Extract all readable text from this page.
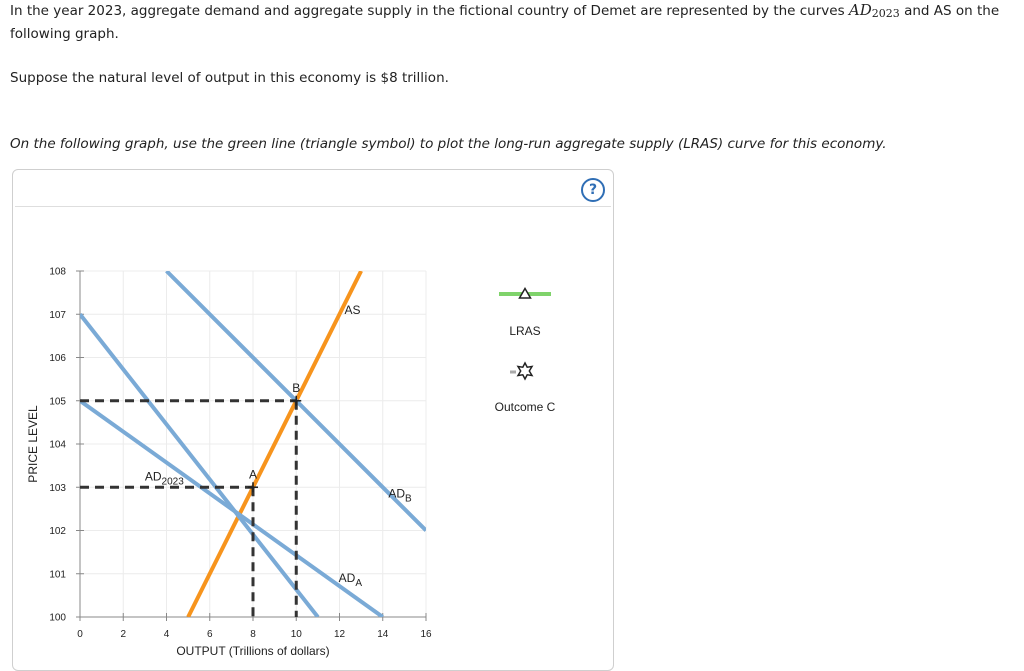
In the year 2023, aggregate demand and aggregate supply in the fictional country of Demet are represented by the curves $AD_{2023}$ and AS on the following graph.

Suppose the natural level of output in this economy is $8 trillion.

On the following graph, use the green line (triangle symbol) to plot the long-run aggregate supply (LRAS) curve for this economy.

?
0	2	4	6	8	10	12	14	16
100
101
102
103
104
105
106
107
108
PRICE LEVEL
OUTPUT (Trillions of dollars)
A
B
AS
$AD_{2023}$
$AD_A$
$AD_B$
LRAS
Outcome C
